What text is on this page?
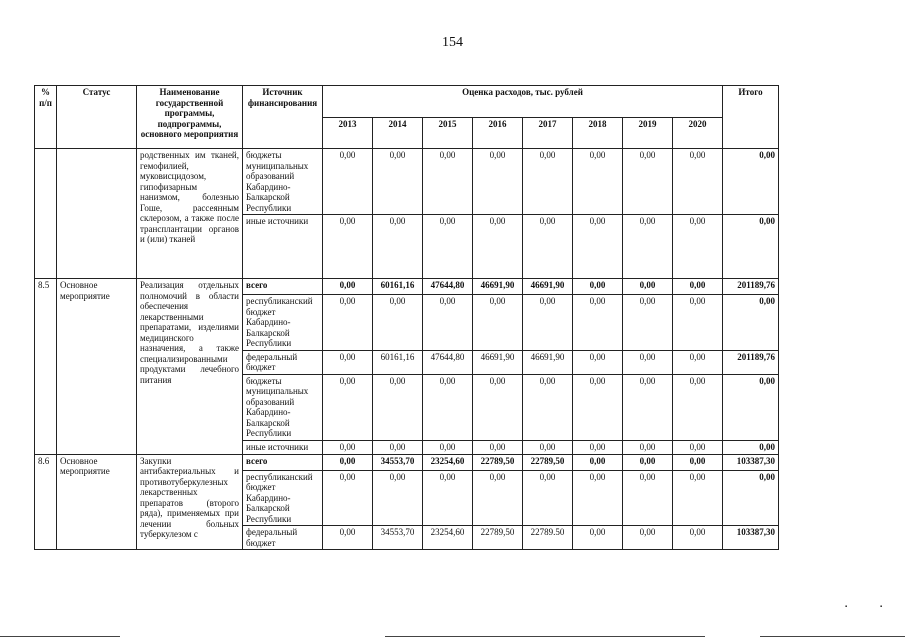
154
% п/п	Статус	Наименование государственной программы, подпрограммы, основного мероприятия	Источник финансирования	Оценка расходов, тыс. рублей								Итого
				2013	2014	2015	2016	2017	2018	2019	2020	
		родственных им тканей, гемофилией, муковисцидозом, гипофизарным нанизмом, болезнью Гоше, рассеянным склерозом, а также после трансплантации органов и (или) тканей	бюджеты муниципальных образований Кабардино-Балкарской Республики	0,00	0,00	0,00	0,00	0,00	0,00	0,00	0,00	0,00
			иные источники	0,00	0,00	0,00	0,00	0,00	0,00	0,00	0,00	0,00
8.5	Основное мероприятие	Реализация отдельных полномочий в области обеспечения лекарственными препаратами, изделиями медицинского назначения, а также специализированными продуктами лечебного питания	всего	0,00	60161,16	47644,80	46691,90	46691,90	0,00	0,00	0,00	201189,76
			республиканский бюджет Кабардино-Балкарской Республики	0,00	0,00	0,00	0,00	0,00	0,00	0,00	0,00	0,00
			федеральный бюджет	0,00	60161,16	47644,80	46691,90	46691,90	0,00	0,00	0,00	201189,76
			бюджеты муниципальных образований Кабардино-Балкарской Республики	0,00	0,00	0,00	0,00	0,00	0,00	0,00	0,00	0,00
			иные источники	0,00	0,00	0,00	0,00	0,00	0,00	0,00	0,00	0,00
8.6	Основное мероприятие	Закупки антибактериальных и противотуберкулезных лекарственных препаратов (второго ряда), применяемых при лечении больных туберкулезом с	всего	0,00	34553,70	23254,60	22789,50	22789,50	0,00	0,00	0,00	103387,30
			республиканский бюджет Кабардино-Балкарской Республики	0,00	0,00	0,00	0,00	0,00	0,00	0,00	0,00	0,00
			федеральный бюджет	0,00	34553,70	23254,60	22789,50	22789.50	0,00	0,00	0,00	103387,30
▪	▪
